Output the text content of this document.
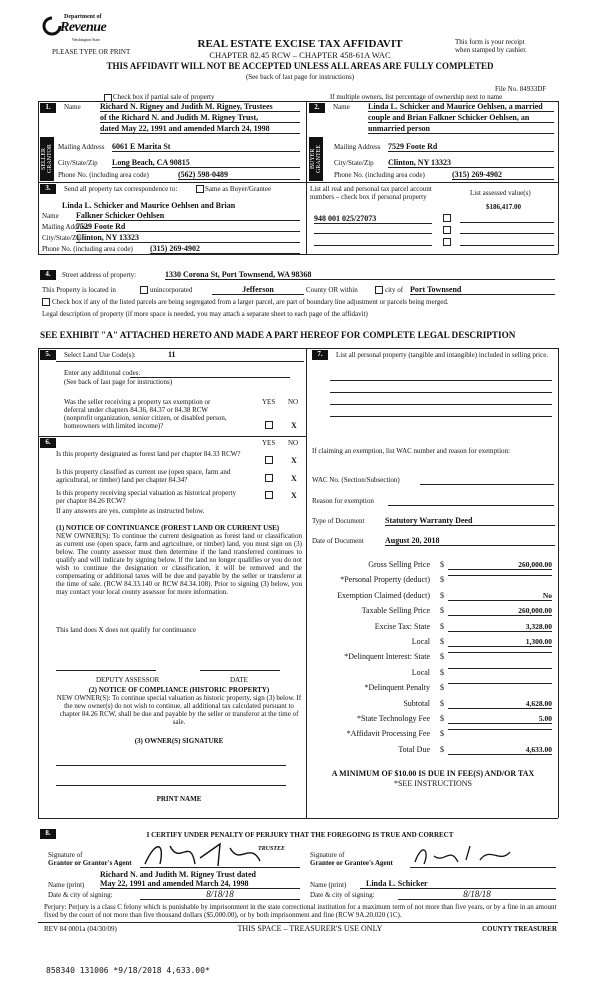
Department of
Revenue
Washington State
PLEASE TYPE OR PRINT
REAL ESTATE EXCISE TAX AFFIDAVIT
CHAPTER 82.45 RCW – CHAPTER 458-61A WAC
THIS AFFIDAVIT WILL NOT BE ACCEPTED UNLESS ALL AREAS ARE FULLY COMPLETED
(See back of last page for instructions)
This form is your receipt
when stamped by cashier.
File No. 84933DF
Check box if partial sale of property	If multiple owners, list percentage of ownership next to name
1.	Name Richard N. Rigney and Judith M. Rigney, Trustees
of the Richard N. and Judith M. Rigney Trust,
dated May 22, 1991 and amended March 24, 1998
SELLER GRANTOR Mailing Address 6061 E Marita St
City/State/Zip Long Beach, CA 90815
Phone No. (including area code)	(562) 598-0489
2.	Name Linda L. Schicker and Maurice Oehlsen, a married
couple and Brian Falkner Schicker Oehlsen, an
unmarried person
BUYER GRANTEE Mailing Address 7529 Foote Rd
City/State/Zip Clinton, NY 13323
Phone No. (including area code)	(315) 269-4902
3.	Send all property tax correspondence to:	Same as Buyer/Grantee
Linda L. Schicker and Maurice Oehlsen and Brian
Name Falkner Schicker Oehlsen
Mailing Address
7529 Foote Rd
City/State/Zip
Clinton, NY 13323
Phone No. (including area code) (315) 269-4902
List all real and personal tax parcel account
numbers – check box if personal property	List assessed value(s)
$186,417.00
948 001 025/27073
4.	Street address of property:	1330 Corona St, Port Townsend, WA 98368
This Property is located in	unincorporated	Jefferson	County OR within	city of Port Townsend
Check box if any of the listed parcels are being segregated from a larger parcel, are part of boundary line adjustment or parcels being merged.
Legal description of property (if more space is needed, you may attach a separate sheet to each page of the affidavit)
SEE EXHIBIT "A" ATTACHED HERETO AND MADE A PART HEREOF FOR COMPLETE LEGAL DESCRIPTION
5.	Select Land Use Code(s):	11
Enter any additional codes:
(See back of last page for instructions)
Was the seller receiving a property tax exemption or
deferral under chapters 84.36, 84.37 or 84.38 RCW
(nonprofit organization, senior citizen, or disabled person,
homeowners with limited income)?
YES NO
X
6.	YES NO
Is this property designated as forest land per chapter 84.33 RCW?
X
Is this property classified as current use (open space, farm and agricultural, or timber) land per chapter 84.34?	X
Is this property receiving special valuation as historical property per chapter 84.26 RCW?
X
If any answers are yes, complete as instructed below.
(1) NOTICE OF CONTINUANCE (FOREST LAND OR CURRENT USE)
NEW OWNER(S): To continue the current designation as forest land or classification as current use (open space, farm and agriculture, or timber) land, you must sign on (3) below. The county assessor must then determine if the land transferred continues to qualify and will indicate by signing below. If the land no longer qualifies or you do not wish to continue the designation or classification, it will be removed and the compensating or additional taxes will be due and payable by the seller or transferor at the time of sale. (RCW 84.33.140 or RCW 84.34.108). Prior to signing (3) below, you may contact your local county assessor for more information.
This land does X does not qualify for continuance
DEPUTY ASSESSOR	DATE
(2) NOTICE OF COMPLIANCE (HISTORIC PROPERTY)
NEW OWNER(S): To continue special valuation as historic property, sign (3) below. If the new owner(s) do not wish to continue, all additional tax calculated pursuant to chapter 84.26 RCW, shall be due and payable by the seller or transferor at the time of sale.
(3) OWNER(S) SIGNATURE
PRINT NAME
7.	List all personal property (tangible and intangible) included in selling price.
If claiming an exemption, list WAC number and reason for exemption:
WAC No. (Section/Subsection)
Reason for exemption
Type of Document	Statutory Warranty Deed
Date of Document	August 20, 2018
Gross Selling Price $	260,000.00
*Personal Property (deduct) $
Exemption Claimed (deduct) $	No
Taxable Selling Price $	260,000.00
Excise Tax: State $	3,328.00
Local $	1,300.00
*Delinquent Interest: State $
Local $
*Delinquent Penalty $
Subtotal $	4,628.00
*State Technology Fee $	5.00
*Affidavit Processing Fee $
Total Due $	4,633.00
A MINIMUM OF $10.00 IS DUE IN FEE(S) AND/OR TAX
*SEE INSTRUCTIONS
8.	I CERTIFY UNDER PENALTY OF PERJURY THAT THE FOREGOING IS TRUE AND CORRECT
Signature of
Grantor or Grantor's Agent
TRUSTEE
Signature of
Grantee or Grantee's Agent
Richard N. and Judith M. Rigney Trust dated
Name (print) May 22, 1991 and amended March 24, 1998
Date & city of signing:	8/18/18
Name (print)	Linda L. Schicker
Date & city of signing:	8/18/18
Perjury: Perjury is a class C felony which is punishable by imprisonment in the state correctional institution for a maximum term of not more than five years, or by a fine in an amount fixed by the court of not more than five thousand dollars ($5,000.00), or by both imprisonment and fine (RCW 9A.20.020 (1C).
REV 84 0001a (04/30/09)	THIS SPACE – TREASURER'S USE ONLY	COUNTY TREASURER
858340 131006 *9/18/2018 4,633.00*
